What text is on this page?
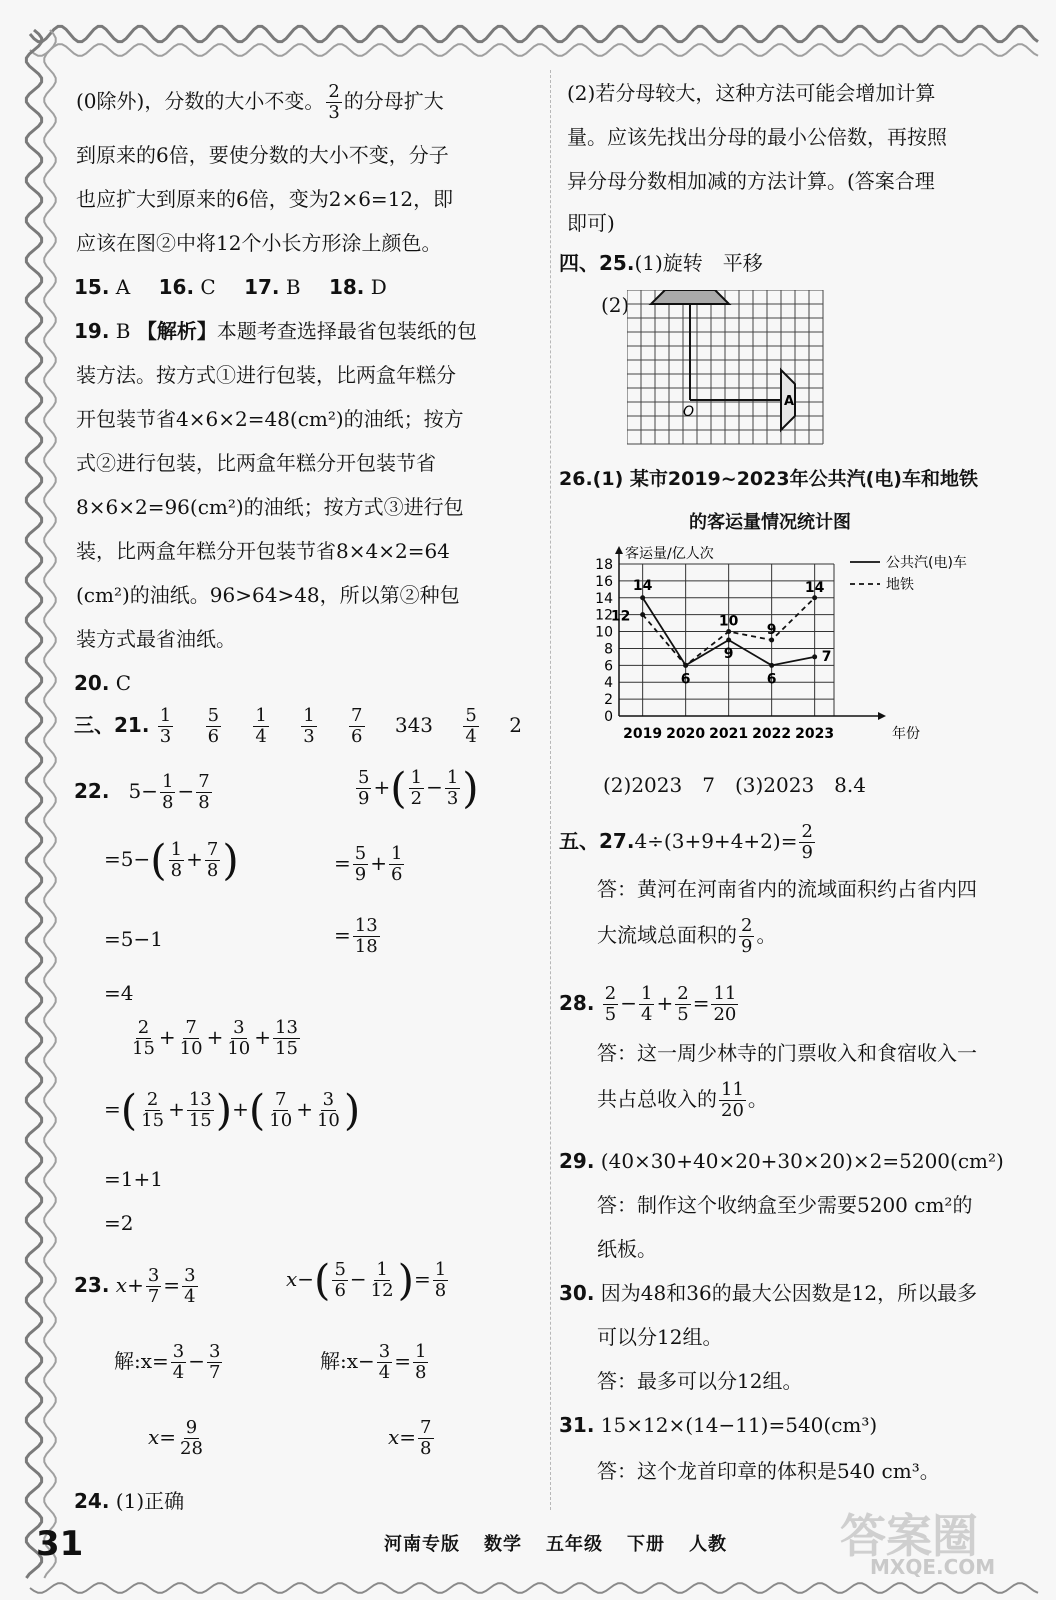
(0除外)，分数的大小不变。 $\frac{2}{3}$ 的分母扩大
到原来的6倍，要使分数的大小不变，分子
也应扩大到原来的6倍，变为2×6=12，即
应该在图②中将12个小长方形涂上颜色。
15. A 16. C 17. B 18. D
19. B 【解析】本题考查选择最省包装纸的包
装方法。按方式①进行包装，比两盒年糕分
开包装节省4×6×2=48(cm²)的油纸；按方
式②进行包装，比两盒年糕分开包装节省
8×6×2=96(cm²)的油纸；按方式③进行包
装，比两盒年糕分开包装节省8×4×2=64
(cm²)的油纸。96>64>48，所以第②种包
装方式最省油纸。
20. C
三、21. $\frac{1}{3}$
$\frac{5}{6}$
$\frac{1}{4}$
$\frac{1}{3}$
$\frac{7}{6} 343 \frac{5}{4} 2$
22. $5- \frac{1}{8} - \frac{7}{8}$	$\frac{5}{9}$ +( $\frac{1}{2} - \frac{1}{3}$ )
$=5-( \frac{1}{8} + \frac{7}{8}$ )	= $\frac{5}{9} + \frac{1}{6}$
=5−1	= $\frac{13}{18}$
=4
$\frac{2}{15} + \frac{7}{10} + \frac{3}{10} + \frac{13}{15}$
=( $\frac{2}{15} + \frac{13}{15}$ )+( $\frac{7}{10} + \frac{3}{10}$ )
=1+1
=2
23. $x+ \frac{3}{7} = \frac{3}{4}$	$x-( \frac{5}{6} - \frac{1}{12}$ )= $\frac{1}{8}$
解:x= $\frac{3}{4} - \frac{3}{7}$	解:x− $\frac{3}{4} = \frac{1}{8}$
$x= \frac{9}{28}$	$x= \frac{7}{8}$
24. (1)正确
(2)若分母较大，这种方法可能会增加计算
量。应该先找出分母的最小公倍数，再按照
异分母分数相加减的方法计算。(答案合理
即可)
四、25.(1)旋转　平移
(2)
O
A
26.(1) 某市2019~2023年公共汽(电)车和地铁
的客运量情况统计图
0
2
4
6
8
10
12
14
16
18
客运量/亿人次
2019 2020 2021 2022 2023	年份
14
6
9
6
7
12	10
9
14
公共汽(电)车
地铁
(2)2023　7　(3)2023　8.4
五、$27.4\div(3+9+4+2)= \frac{2}{9}$
答：黄河在河南省内的流域面积约占省内四
大流域总面积的 $\frac{2}{9}$ 。
28. $\frac{2}{5} - \frac{1}{4} + \frac{2}{5} = \frac{11}{20}$
答：这一周少林寺的门票收入和食宿收入一
共占总收入的 $\frac{11}{20}$ 。
29. (40×30+40×20+30×20)×2=5200(cm²)
答：制作这个收纳盒至少需要5200 cm²的
纸板。
30. 因为48和36的最大公因数是12，所以最多
可以分12组。
答：最多可以分12组。
31. 15×12×(14−11)=540(cm³)
答：这个龙首印章的体积是540 cm³。
31	河南专版 数学 五年级 下册 人教	答案圈
MXQE.COM
